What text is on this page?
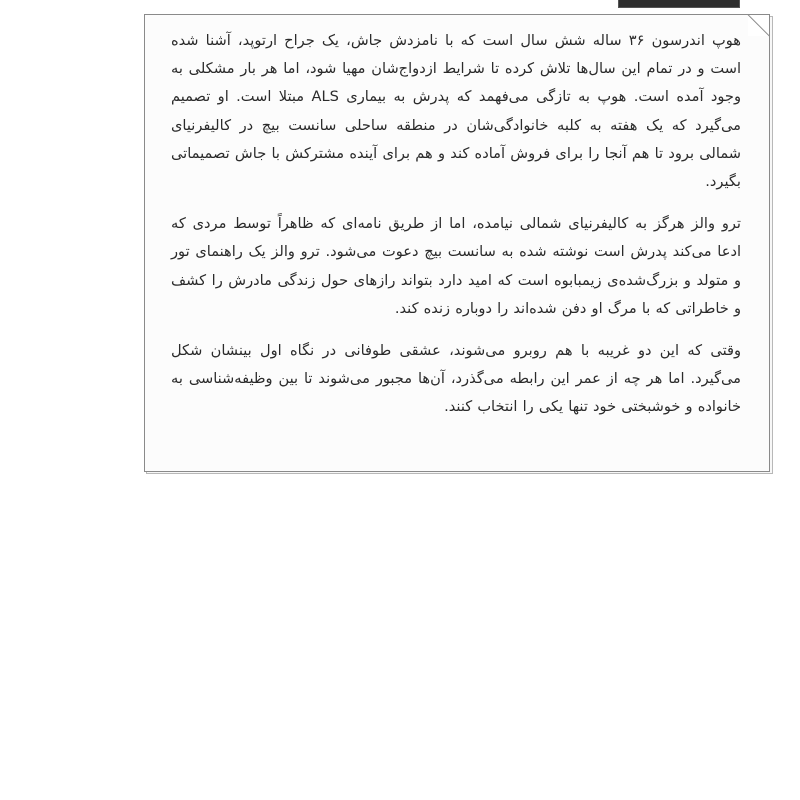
هوپ اندرسون ۳۶ ساله شش سال است که با نامزدش جاش، یک جراح ارتوپد، آشنا شده است و در تمام این سال‌ها تلاش کرده تا شرایط ازدواج‌شان مهیا شود، اما هر بار مشکلی به وجود آمده است. هوپ به تازگی می‌فهمد که پدرش به بیماری ALS مبتلا است. او تصمیم می‌گیرد که یک هفته به کلبه خانوادگی‌شان در منطقه ساحلی سانست بیچ در کالیفرنیای شمالی برود تا هم آنجا را برای فروش آماده کند و هم برای آینده مشترکش با جاش تصمیماتی بگیرد.

ترو والز هرگز به کالیفرنیای شمالی نیامده، اما از طریق نامه‌ای که ظاهراً توسط مردی که ادعا می‌کند پدرش است نوشته شده به سانست بیچ دعوت می‌شود. ترو والز یک راهنمای تور و متولد و بزرگ‌شده‌ی زیمبابوه است که امید دارد بتواند رازهای حول زندگی مادرش را کشف و خاطراتی که با مرگ او دفن شده‌اند را دوباره زنده کند.

وقتی که این دو غریبه با هم روبرو می‌شوند، عشقی طوفانی در نگاه اول بینشان شکل می‌گیرد. اما هر چه از عمر این رابطه می‌گذرد، آن‌ها مجبور می‌شوند تا بین وظیفه‌شناسی به خانواده و خوشبختی خود تنها یکی را انتخاب کنند.
